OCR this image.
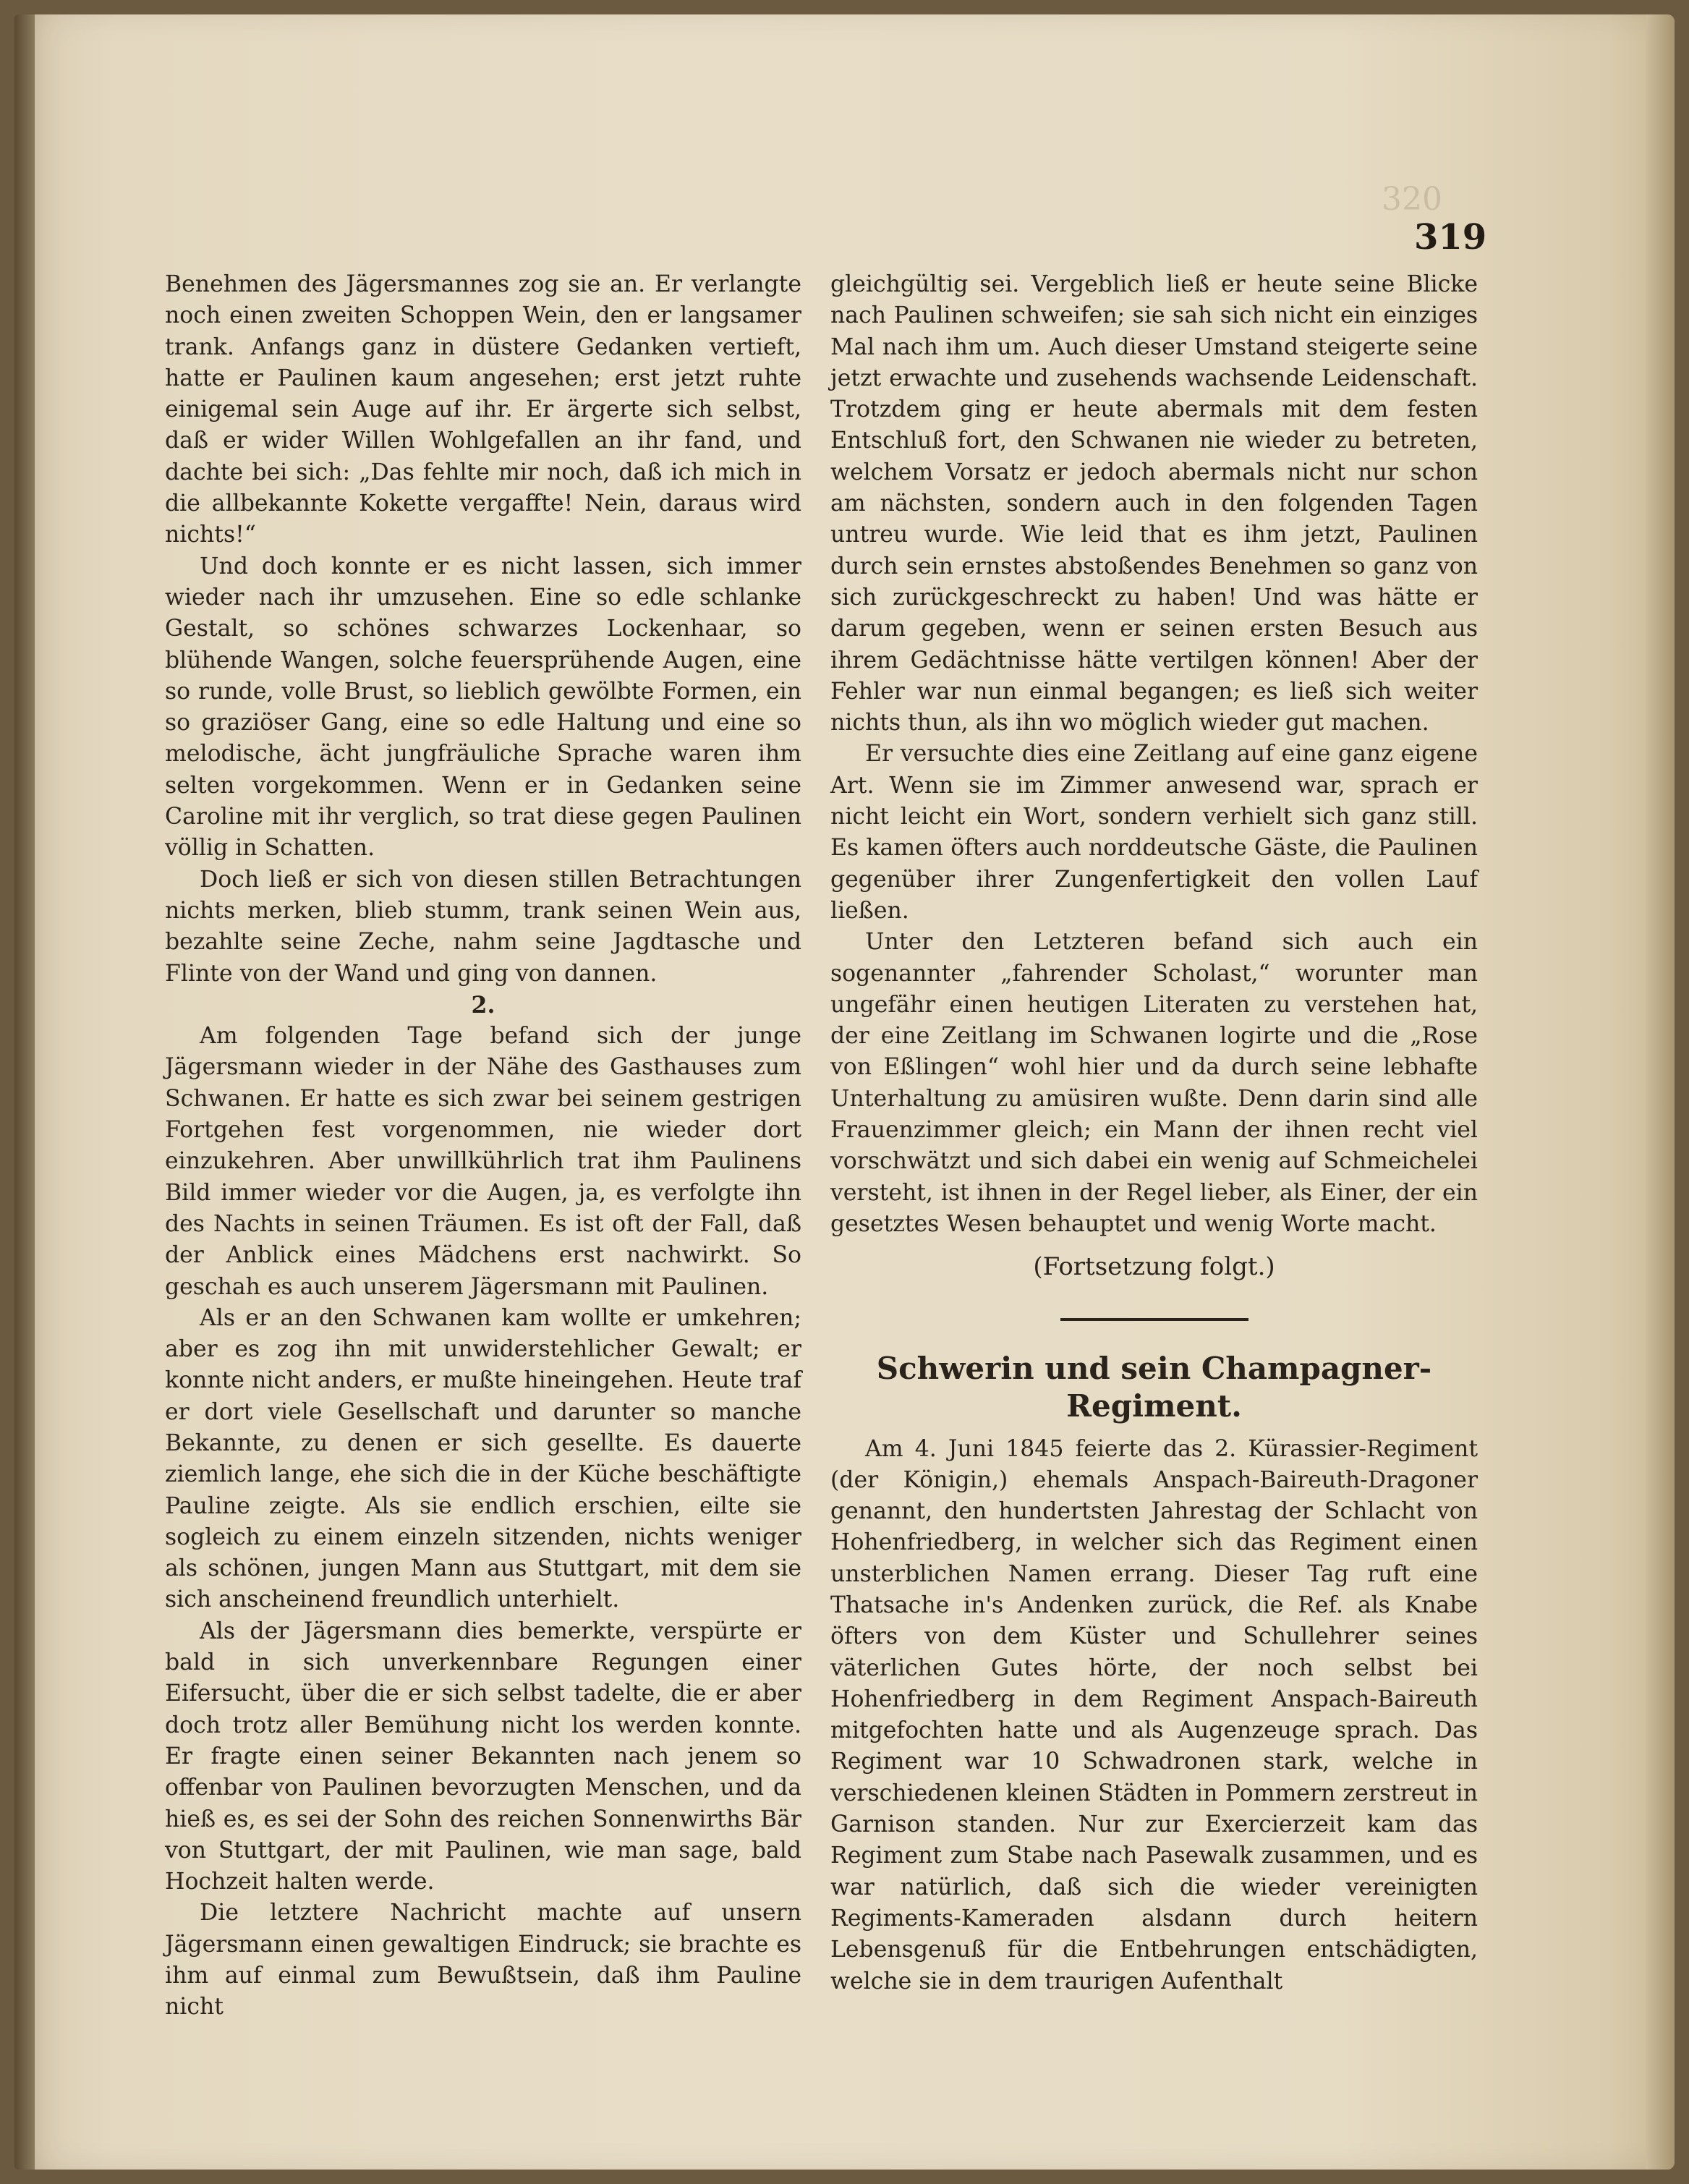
320
319

Benehmen des Jägersmannes zog sie an. Er verlangte noch einen zweiten Schoppen Wein, den er langsamer trank. Anfangs ganz in düstere Gedanken vertieft, hatte er Paulinen kaum angesehen; erst jetzt ruhte einigemal sein Auge auf ihr. Er ärgerte sich selbst, daß er wider Willen Wohlgefallen an ihr fand, und dachte bei sich: „Das fehlte mir noch, daß ich mich in die allbekannte Kokette vergaffte! Nein, daraus wird nichts!“

Und doch konnte er es nicht lassen, sich immer wieder nach ihr umzusehen. Eine so edle schlanke Gestalt, so schönes schwarzes Lockenhaar, so blühende Wangen, solche feuersprühende Augen, eine so runde, volle Brust, so lieblich gewölbte Formen, ein so graziöser Gang, eine so edle Haltung und eine so melodische, ächt jungfräuliche Sprache waren ihm selten vorgekommen. Wenn er in Gedanken seine Caroline mit ihr verglich, so trat diese gegen Paulinen völlig in Schatten.

Doch ließ er sich von diesen stillen Betrachtungen nichts merken, blieb stumm, trank seinen Wein aus, bezahlte seine Zeche, nahm seine Jagdtasche und Flinte von der Wand und ging von dannen.

2.

Am folgenden Tage befand sich der junge Jägersmann wieder in der Nähe des Gasthauses zum Schwanen. Er hatte es sich zwar bei seinem gestrigen Fortgehen fest vorgenommen, nie wieder dort einzukehren. Aber unwillkührlich trat ihm Paulinens Bild immer wieder vor die Augen, ja, es verfolgte ihn des Nachts in seinen Träumen. Es ist oft der Fall, daß der Anblick eines Mädchens erst nachwirkt. So geschah es auch unserem Jägersmann mit Paulinen.

Als er an den Schwanen kam wollte er umkehren; aber es zog ihn mit unwiderstehlicher Gewalt; er konnte nicht anders, er mußte hineingehen. Heute traf er dort viele Gesellschaft und darunter so manche Bekannte, zu denen er sich gesellte. Es dauerte ziemlich lange, ehe sich die in der Küche beschäftigte Pauline zeigte. Als sie endlich erschien, eilte sie sogleich zu einem einzeln sitzenden, nichts weniger als schönen, jungen Mann aus Stuttgart, mit dem sie sich anscheinend freundlich unterhielt.

Als der Jägersmann dies bemerkte, verspürte er bald in sich unverkennbare Regungen einer Eifersucht, über die er sich selbst tadelte, die er aber doch trotz aller Bemühung nicht los werden konnte. Er fragte einen seiner Bekannten nach jenem so offenbar von Paulinen bevorzugten Menschen, und da hieß es, es sei der Sohn des reichen Sonnenwirths Bär von Stuttgart, der mit Paulinen, wie man sage, bald Hochzeit halten werde.

Die letztere Nachricht machte auf unsern Jägersmann einen gewaltigen Eindruck; sie brachte es ihm auf einmal zum Bewußtsein, daß ihm Pauline nicht

gleichgültig sei. Vergeblich ließ er heute seine Blicke nach Paulinen schweifen; sie sah sich nicht ein einziges Mal nach ihm um. Auch dieser Umstand steigerte seine jetzt erwachte und zusehends wachsende Leidenschaft. Trotzdem ging er heute abermals mit dem festen Entschluß fort, den Schwanen nie wieder zu betreten, welchem Vorsatz er jedoch abermals nicht nur schon am nächsten, sondern auch in den folgenden Tagen untreu wurde. Wie leid that es ihm jetzt, Paulinen durch sein ernstes abstoßendes Benehmen so ganz von sich zurückgeschreckt zu haben! Und was hätte er darum gegeben, wenn er seinen ersten Besuch aus ihrem Gedächtnisse hätte vertilgen können! Aber der Fehler war nun einmal begangen; es ließ sich weiter nichts thun, als ihn wo möglich wieder gut machen.

Er versuchte dies eine Zeitlang auf eine ganz eigene Art. Wenn sie im Zimmer anwesend war, sprach er nicht leicht ein Wort, sondern verhielt sich ganz still. Es kamen öfters auch norddeutsche Gäste, die Paulinen gegenüber ihrer Zungenfertigkeit den vollen Lauf ließen.

Unter den Letzteren befand sich auch ein sogenannter „fahrender Scholast,“ worunter man ungefähr einen heutigen Literaten zu verstehen hat, der eine Zeitlang im Schwanen logirte und die „Rose von Eßlingen“ wohl hier und da durch seine lebhafte Unterhaltung zu amüsiren wußte. Denn darin sind alle Frauenzimmer gleich; ein Mann der ihnen recht viel vorschwätzt und sich dabei ein wenig auf Schmeichelei versteht, ist ihnen in der Regel lieber, als Einer, der ein gesetztes Wesen behauptet und wenig Worte macht.

(Fortsetzung folgt.)

Schwerin und sein Champagner-
Regiment.

Am 4. Juni 1845 feierte das 2. Kürassier-Regiment (der Königin,) ehemals Anspach-Baireuth-Dragoner genannt, den hundertsten Jahrestag der Schlacht von Hohenfriedberg, in welcher sich das Regiment einen unsterblichen Namen errang. Dieser Tag ruft eine Thatsache in's Andenken zurück, die Ref. als Knabe öfters von dem Küster und Schullehrer seines väterlichen Gutes hörte, der noch selbst bei Hohenfriedberg in dem Regiment Anspach-Baireuth mitgefochten hatte und als Augenzeuge sprach. Das Regiment war 10 Schwadronen stark, welche in verschiedenen kleinen Städten in Pommern zerstreut in Garnison standen. Nur zur Exercierzeit kam das Regiment zum Stabe nach Pasewalk zusammen, und es war natürlich, daß sich die wieder vereinigten Regiments-Kameraden alsdann durch heitern Lebensgenuß für die Entbehrungen entschädigten, welche sie in dem traurigen Aufenthalt
